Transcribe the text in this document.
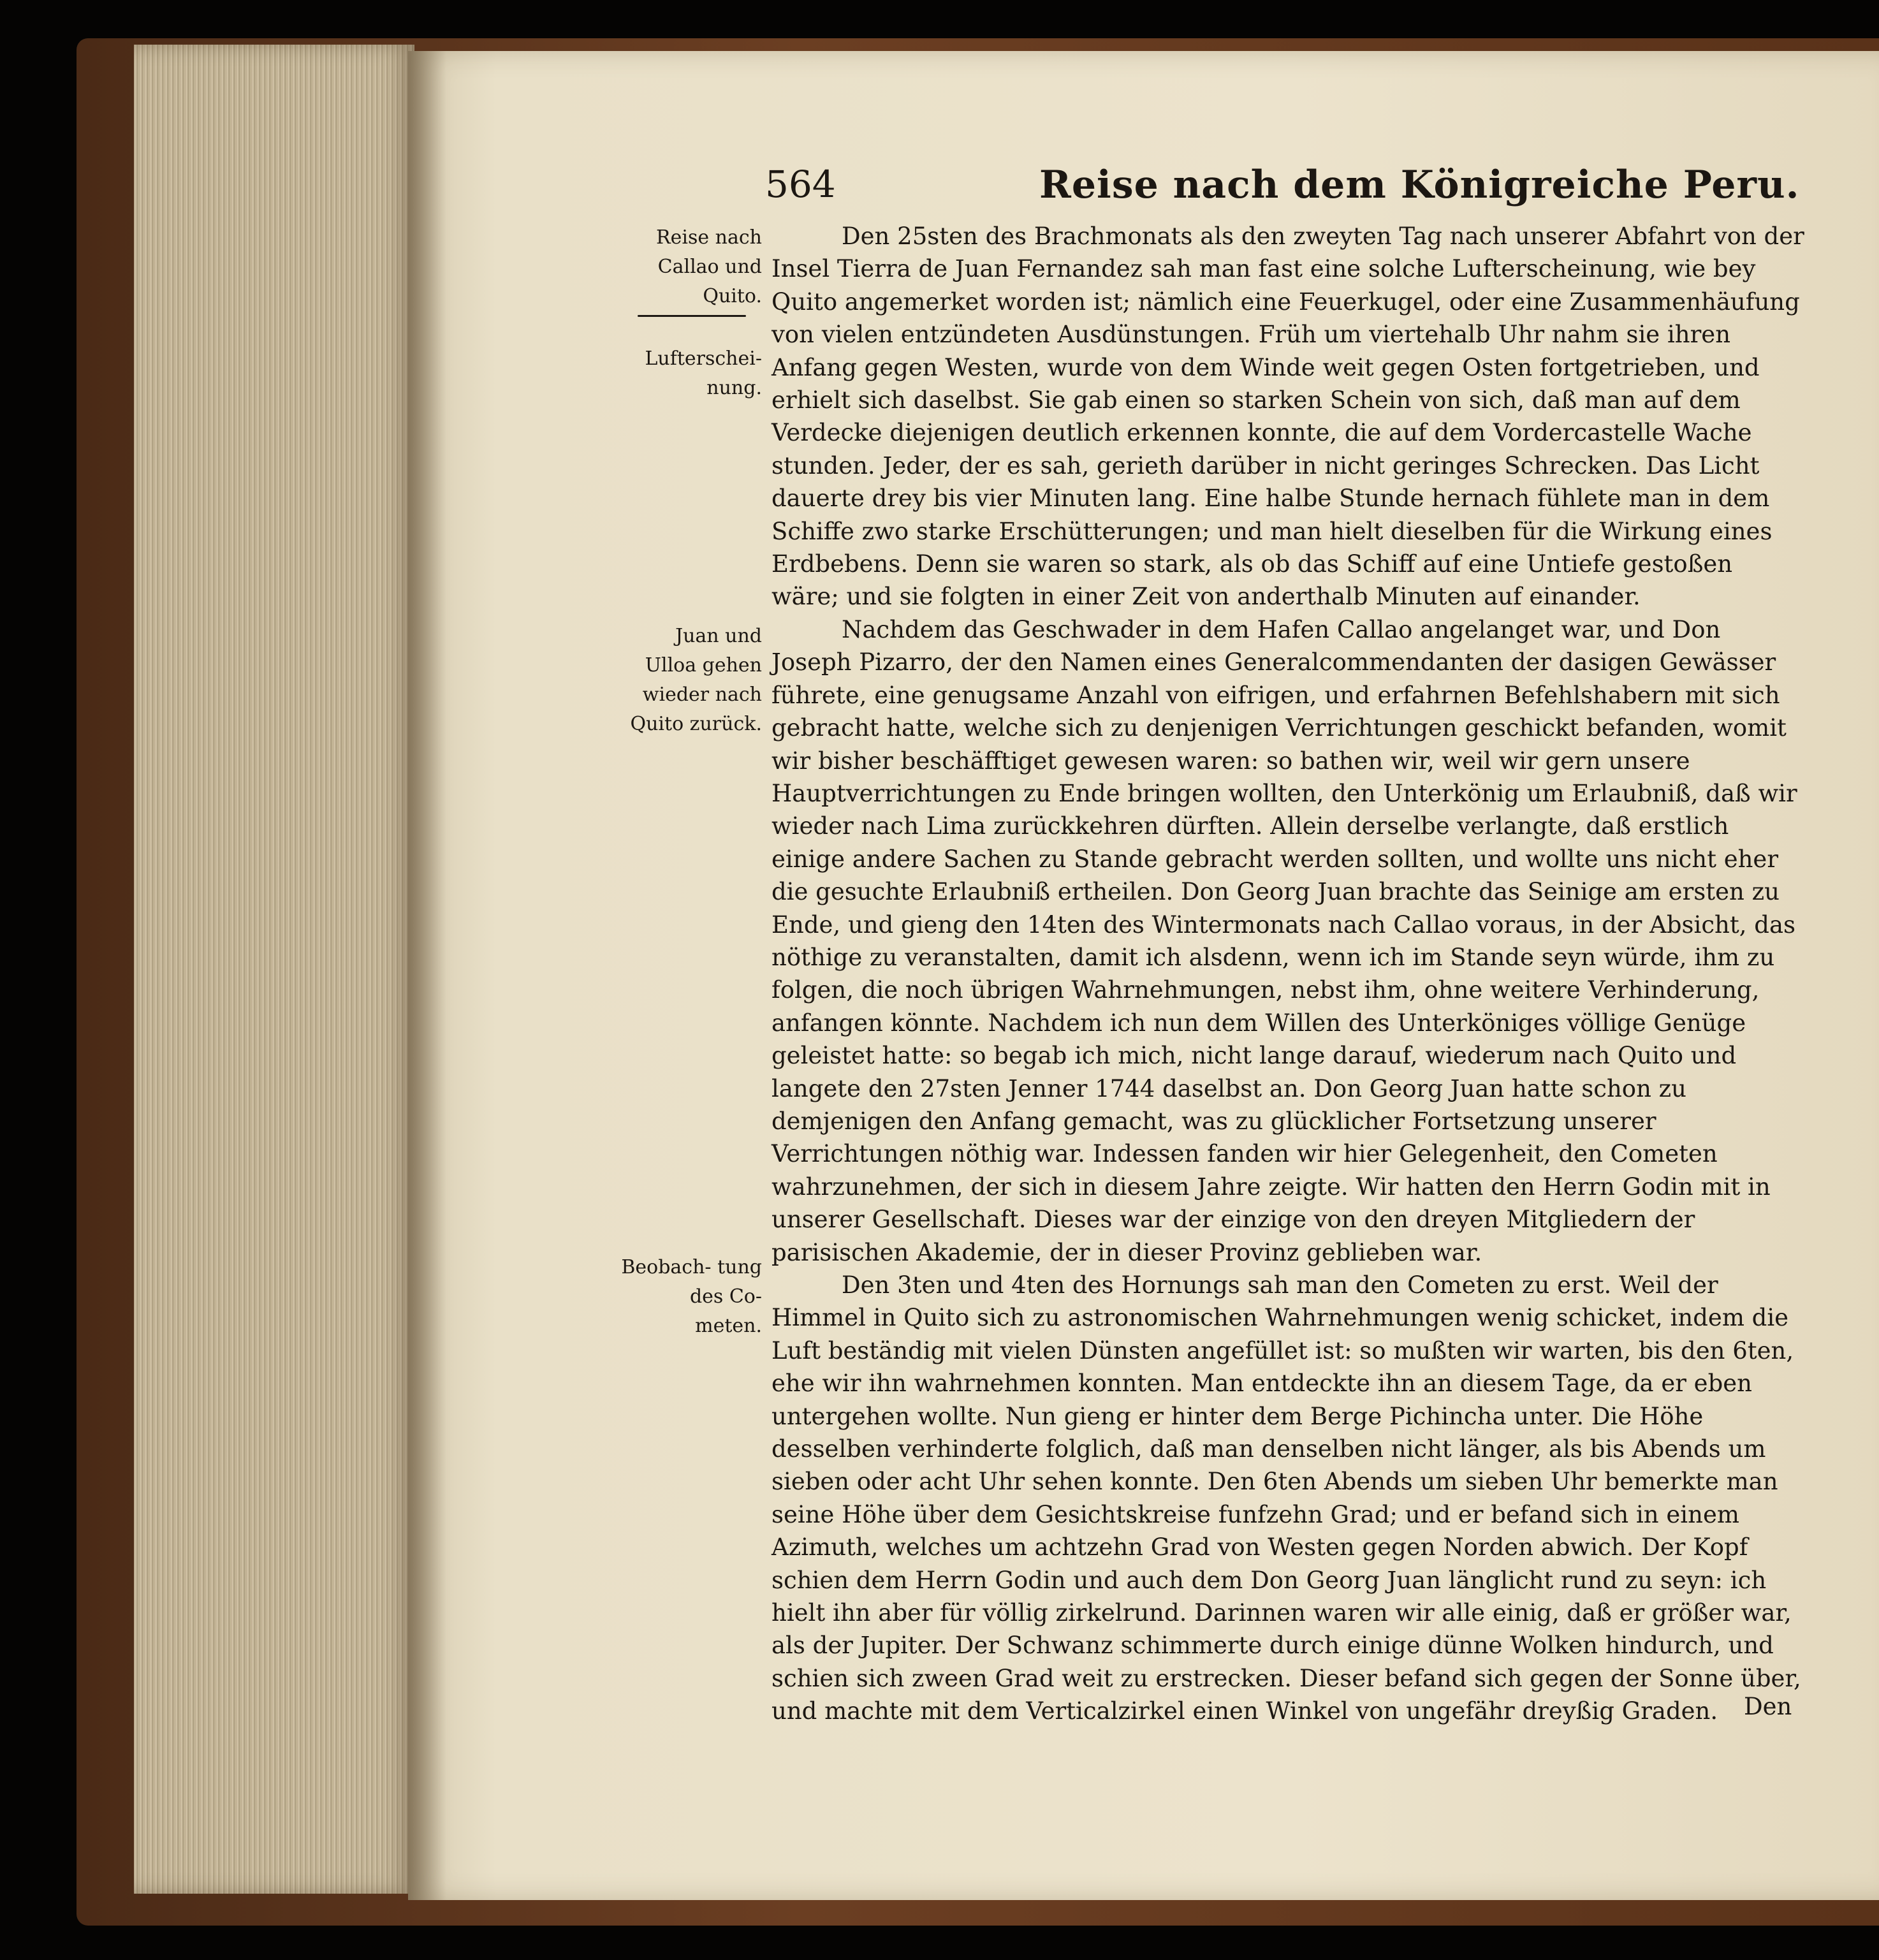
564	Reise nach dem Königreiche Peru.
Reise nach Callao und Quito.
Lufterschei- nung.
Juan und Ulloa gehen wieder nach Quito zurück.
Beobach- tung des Co- meten.

Den 25sten des Brachmonats als den zweyten Tag nach unserer Abfahrt von der Insel Tierra de Juan Fernandez sah man fast eine solche Lufterscheinung, wie bey Quito angemerket worden ist; nämlich eine Feuerkugel, oder eine Zusammenhäufung von vielen entzündeten Ausdünstungen. Früh um viertehalb Uhr nahm sie ihren Anfang gegen Westen, wurde von dem Winde weit gegen Osten fortgetrieben, und erhielt sich daselbst. Sie gab einen so starken Schein von sich, daß man auf dem Verdecke diejenigen deutlich erkennen konnte, die auf dem Vordercastelle Wache stunden. Jeder, der es sah, gerieth darüber in nicht geringes Schrecken. Das Licht dauerte drey bis vier Minuten lang. Eine halbe Stunde hernach fühlete man in dem Schiffe zwo starke Erschütterungen; und man hielt dieselben für die Wirkung eines Erdbebens. Denn sie waren so stark, als ob das Schiff auf eine Untiefe gestoßen wäre; und sie folgten in einer Zeit von anderthalb Minuten auf einander.

Nachdem das Geschwader in dem Hafen Callao angelanget war, und Don Joseph Pizarro, der den Namen eines Generalcommendanten der dasigen Gewässer führete, eine genugsame Anzahl von eifrigen, und erfahrnen Befehlshabern mit sich gebracht hatte, welche sich zu denjenigen Verrichtungen geschickt befanden, womit wir bisher beschäfftiget gewesen waren: so bathen wir, weil wir gern unsere Hauptverrichtungen zu Ende bringen wollten, den Unterkönig um Erlaubniß, daß wir wieder nach Lima zurückkehren dürften. Allein derselbe verlangte, daß erstlich einige andere Sachen zu Stande gebracht werden sollten, und wollte uns nicht eher die gesuchte Erlaubniß ertheilen. Don Georg Juan brachte das Seinige am ersten zu Ende, und gieng den 14ten des Wintermonats nach Callao voraus, in der Absicht, das nöthige zu veranstalten, damit ich alsdenn, wenn ich im Stande seyn würde, ihm zu folgen, die noch übrigen Wahrnehmungen, nebst ihm, ohne weitere Verhinderung, anfangen könnte. Nachdem ich nun dem Willen des Unterköniges völlige Genüge geleistet hatte: so begab ich mich, nicht lange darauf, wiederum nach Quito und langete den 27sten Jenner 1744 daselbst an. Don Georg Juan hatte schon zu demjenigen den Anfang gemacht, was zu glücklicher Fortsetzung unserer Verrichtungen nöthig war. Indessen fanden wir hier Gelegenheit, den Cometen wahrzunehmen, der sich in diesem Jahre zeigte. Wir hatten den Herrn Godin mit in unserer Gesellschaft. Dieses war der einzige von den dreyen Mitgliedern der parisischen Akademie, der in dieser Provinz geblieben war.

Den 3ten und 4ten des Hornungs sah man den Cometen zu erst. Weil der Himmel in Quito sich zu astronomischen Wahrnehmungen wenig schicket, indem die Luft beständig mit vielen Dünsten angefüllet ist: so mußten wir warten, bis den 6ten, ehe wir ihn wahrnehmen konnten. Man entdeckte ihn an diesem Tage, da er eben untergehen wollte. Nun gieng er hinter dem Berge Pichincha unter. Die Höhe desselben verhinderte folglich, daß man denselben nicht länger, als bis Abends um sieben oder acht Uhr sehen konnte. Den 6ten Abends um sieben Uhr bemerkte man seine Höhe über dem Gesichtskreise funfzehn Grad; und er befand sich in einem Azimuth, welches um achtzehn Grad von Westen gegen Norden abwich. Der Kopf schien dem Herrn Godin und auch dem Don Georg Juan länglicht rund zu seyn: ich hielt ihn aber für völlig zirkelrund. Darinnen waren wir alle einig, daß er größer war, als der Jupiter. Der Schwanz schimmerte durch einige dünne Wolken hindurch, und schien sich zween Grad weit zu erstrecken. Dieser befand sich gegen der Sonne über, und machte mit dem Verticalzirkel einen Winkel von ungefähr dreyßig Graden.	Den
